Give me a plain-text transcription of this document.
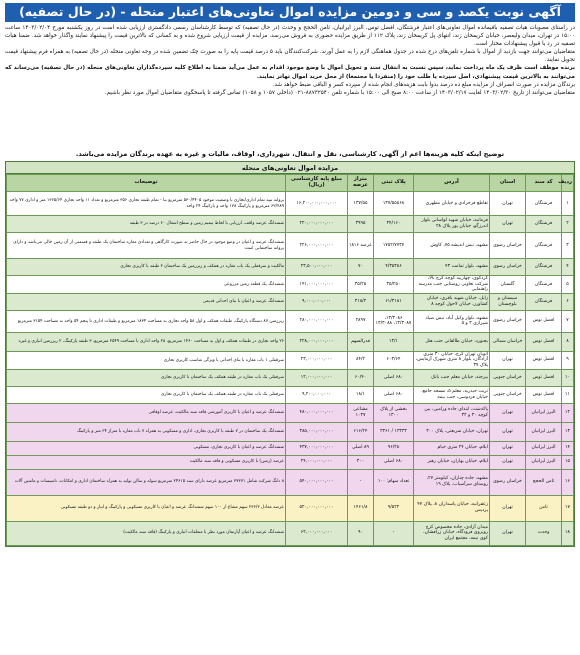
آگهی نوبت یکصد و سی و دومین مزایده اموال تعاونی‌های اعتبار منحله - (در حال تصفیه)

در راستای مصوبات هیات تصفیه باقیمانده اموال تعاونی‌های اعتبار فرشتگان، افضل توس، البرز ایرانیان، ثامن الحجج و وحدت (در حال تصفیه) که توسط کارشناسان رسمی دادگستری ارزیابی شده است در روز یکشنبه مورخ ۱۴۰۳/۰۲/۰۴ ساعت ۱۵:۰۰ در تهران، میدان ولیعصر، خیابان کریمخان زند، انتهای پل کریمخان زند، پلاک ۱۱۲ از طریق مزایده حضوری به فروش می‌رسد. مزایده از قیمت ارزیابی شروع شده و به کسانی که بالاترین قیمت را پیشنهاد نمایند واگذار خواهد شد. ضمنا هیات تصفیه در رد یا قبول پیشنهادات مختار است.

متقاضیان می‌توانند جهت بازدید از اموال با شماره تلفن‌های درج شده در جدول هماهنگی لازم را به عمل آورند. شرکت‌کنندگان باید ۵ درصد قیمت پایه را به صورت چک تضمین شده در وجه تعاونی منحله (در حال تصفیه) به همراه فرم پیشنهاد قیمت تحویل نمایند.

برنده موظف است ظرف یک ماه پرداخت نماید، سپس نسبت به انتقال سند و تحویل اموال با وضع موجود اقدام به عمل می‌آید ضمنا به اطلاع کلیه سپرده‌گذاران تعاونی‌های منحله (در حال تصفیه) می‌رساند که می‌توانند به بالاترین قیمت پیشنهادی، اصل سپرده یا طلب خود را (منفردا یا مجتمعا) از محل خرید اموال تهاتر نمایند.

برندگان مزایده در صورت انصراف از مزایده مبلغ ده درصد بدوا بابت هزینه‌های انجام شده از سپرده کسر و الباقی ضبط خواهد شد.

متقاضیان می‌توانند از تاریخ ۱۴۰۳/۰۲/۳۰ لغایت ۱۴۰۳/۰۲/۱۷ از ساعت ۸:۰۰ صبح الی ۱۵:۰۰ با شماره تلفن ۸۸۷۳۲۵۴۰-۰۲۱ (داخلی ۱۰۵۷ و ۱۰۵۸) تماس گرفته تا پاسخگوی متقاضیان اموال مورد نظر باشیم.

توضیح اینکه کلیه هزینه‌ها اعم از آگهی، کارشناسی، نقل و انتقال، شهرداری، اوقاف، مالیات و غیره به عهده برندگان مزایده می‌باشد.
مزایده اموال تعاونی‌های منحله
ردیف	کد سند	استان	آدرس	پلاک ثبتی	متراژ عرصه	مبلغ پایه کارشناسی (ریال)	توضیحات
۱	فرشتگان	تهران	تقاطع فرحزادی و خیابان مطهری	۱۳۷/۵۵۸۶۸	۱۳۷/۵۵	۱۶,۲۰۰,۰۰۰,۰۰۰,۰۰۰	پروانه تیپه تمام اداری/تجاری با وضعیت موجود ۵۳۰/۴۴۰۵ مترمربع بنا - تمام طبقه تجاری ۳۵۶ مترمربع و تعداد ۱۱ واحد تجاری ۱۳۶۵/۶۴ متر و اداری ۷۷ واحد ۶۳/۲۸۹ مترمربع و پارکینگ ۱۷۸ واحد و پارکینگ ۲۴ واحد
۲	فرشتگان	تهران	فرمانیه، خیابان شهید لواسانی بلوار اندرزگو، خیابان پور پلاک ۲۸	۳۴/۱۶۰	۳۹۹۵	۲۲۰,۰۰۰,۰۰۰,۰۰۰	ششدانگ عرصه واقف، ارزیابی با لحاظ تیمیم زمین و سطح اشغال ۶۰ درصد در ۳ طبقه
۳	فرشتگان	خراسان رضوی	مشهد، نبش اندیشه ۷۵، کاوش	۱۷۵۲/۷۷۳۷	عرصه ۱۸۱۶	۲۲۶,۰۰۰,۰۰۰,۰۰۰	ششدانگ عرصه و اعیان در وضع موجود در حال حاضر به صورت کارگاهی و تعدادی مغازه ساختمان یک طبقه و قسمتی از آن زمین خالی می‌باشد و دارای پروانه ساختمانی است
۴	فرشتگان	خراسان رضوی	مشهد، بلوار تمامت ۴۳	۴/۳۵۳۸۶	۷۰	۲۳,۵۰۰,۰۰۰,۰۰۰	مالکیت و سرقفلی یک باب مغازه در همکف و زیرزمین یک ساختمان ۳ طبقه با کاربری تجاری
۵	فرشتگان	گلستان	کردکوی، چهاربید کوچه کرج بالا، شرکت تعاونی روستایی جنب مدرسه راهنمایی	۳۵/۲۵۰	۳۵/۲۵	۱۴۱,۰۰۰,۰۰۰,۰۰۰	ششدانگ یک قطعه زمین مزروعی
۶	فرشتگان	سیستان و بلوچستان	زابل، خیابان شهید باقری، خیابان کشاورز، خیابان لاحول کوچه ۸	۶۱/۳۱۸۱	۳۱۸/۲	۹,۰۰۰,۰۰۰,۰۰۰	ششدانگ عرصه و اعیان با بنای احداثی قدیمی
۷	افضل توس	خراسان رضوی	مشهد، بلوار وکیل آباد، نبش صیاد شیرازی ۳ و ۵	۱۳/۳۰۸۶، ۱۳/۳۰۸۷، ۱۳/۳۰۸۸	۲۸۹۷	۲۸۰,۰۰۰,۰۰۰,۰۰۰	زیرزمین ۸۷ دستگاه پارکینگ، طبقات همکف و اول ۵۸ واحد تجاری به مساحت ۱۸۳۴ مترمربع و طبقات اداری تا پنجم ۵۴ واحد به مساحت ۳۱۵۴ مترمربع
۸	افضل توس	خراسان شمالی	بجنورد، خیابان طالقانی جنب هتل	۱۳/۱	قدرالسهم	۲۲۸,۰۰۰,۰۰۰,۰۰۰	۲۶ واحد تجاری در طبقات همکف و اول به مساحت ۱۴۶۰ مترمربع، ۲۸ واحد اداری با مساحت ۲۵۴۹ مترمربع، ۳ طبقه پارکینگ، ۲ زیرزمین انباری و غیره
۹	افضل توس	تهران	اتوبان تهران کرج، خیابان ۳۰ متری آزادگان، بلوار ۸ متری شهرک آزمایش، پلاک ۳۷	۶۰۳/۶۴	۸۴/۲	۲۳,۰۰۰,۰۰۰,۰۰۰	سرقفلی ۱ باب مغازه با بنای احداثی با ویژگی مناسب کاربری تجاری
۱۰	افضل توس	خراسان جنوبی	بیرجند، خیابان معلم جنب بانک	۶۸۰ اصلی	۶۰/۴۰	۱۲,۰۰۰,۰۰۰,۰۰۰	سرقفلی یک باب مغازه در طبقه همکف یک ساختمان با کاربری تجاری
۱۱	افضل توس	خراسان جنوبی	تربت حیدریه، معلم ۵، مسجد جامع، خیابان فردوسی، جنب بیمه	۶۸۰ اصلی	۱۸/۱	۹,۲۰۰,۰۰۰,۰۰۰	سرقفلی یک باب مغازه در طبقه همکف یک ساختمان با کاربری تجاری
۱۲	البرز ایرانیان	تهران	پاکدشت، ابتدای جاده ورامین، بین کوچه ۳۰ و ۳۲	بخشی از پلاک ۱۳۰۰	مشاعی ۱۰۳۷	۴۸۰,۰۰۰,۰۰۰,۰۰۰	ششدانگ عرصه و اعیان با کاربری آموزشی فاقد سند مالکیت، عرصه اوقافی
۱۳	البرز ایرانیان	تهران	تهران، خیابان شریعتی، پلاک ۳۰۰	۱۳۳۳۳ / ۳۳۶۱	۶۱۶/۲۴	۳۸۵,۰۰۰,۰۰۰,۰۰۰	ششدانگ یک ساختمان در ۷ طبقه با کاربری تجاری، اداری و مسکونی به همراه ۷ باب مغازه با متراژ ۳۴ متر و پارکینگ
۱۴	البرز ایرانیان	تهران	ایلام، خیابان ۲۴ متری خیام	۹۶/۲۸	۸۹ اصلی	۴۳۷,۰۰۰,۰۰۰,۰۰۰	ششدانگ عرصه و اعیان با کاربری تجاری، مسکونی
۱۵	البرز ایرانیان	تهران	ایلام، خیابان بهاران، خیابان رهبر	۶۸۰ اصلی	۳۰۰	۲۴,۰۰۰,۰۰۰,۰۰۰	عرصه (زمین) با کاربری مسکونی و فاقد سند مالکیت
۱۶	ثامن الحجج	خراسان رضوی	مشهد، جاده چناران، کیلومتر ۲۷، روستای سرآسیاب، پلاک ۱۹	تعداد سهام: ۱۰۰	-	۵۴۰,۰۰۰,۰۰۰,۰۰۰	۸ دانگ شرکت شامل ۳۷۳۷۱ مترمربع عرصه دارای سند ۲۴۶۱۵ مترمربع سوله و سالن تولید به همراه ساختمان اداری و امکانات، تاسیسات و ماشین آلات
۱۷	ثامن	تهران	زعفرانیه، خیابان پاسداران ۸، پلاک ۴۷ پردیس	۹/۵۲۲	۱۴۶۱/۸	۵۲۰,۰۰۰,۰۰۰,۰۰۰	عرصه معادل ۲۳۶/۳ سهم مشاع از ۱۰۰ سهم ششدانگ عرصه و اعیان با کاربری مسکونی و پارکینگ و انبار و دو طبقه مسکونی
۱۸	وحدت	تهران	میدان آزادی، جاده مخصوص کرج روبروی فرودگاه، خیابان زرافشان، کوی نیمه، مجتمع ایران	-	۹۰	۶۲,۰۰۰,۰۰۰,۰۰۰	ششدانگ عرصه و اعیان آپارتمان مورد نظر با متعلقات انباری و پارکینگ (فاقد سند مالکیت)
